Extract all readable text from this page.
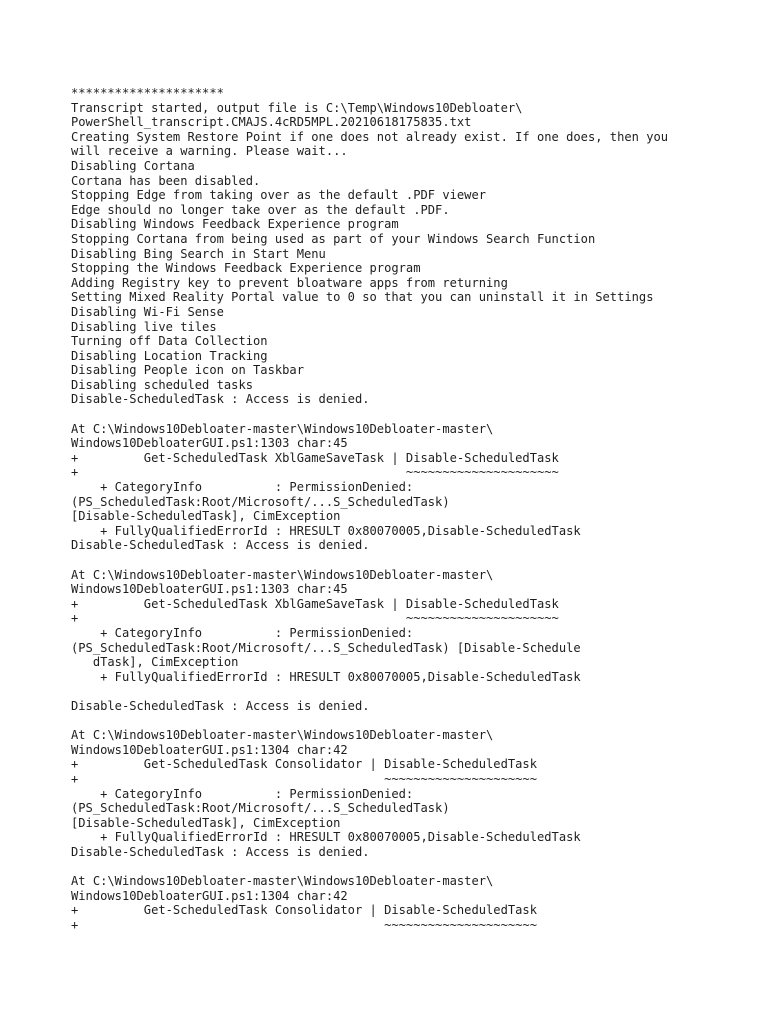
*********************
Transcript started, output file is C:\Temp\Windows10Debloater\
PowerShell_transcript.CMAJS.4cRD5MPL.20210618175835.txt
Creating System Restore Point if one does not already exist. If one does, then you
will receive a warning. Please wait...
Disabling Cortana
Cortana has been disabled.
Stopping Edge from taking over as the default .PDF viewer
Edge should no longer take over as the default .PDF.
Disabling Windows Feedback Experience program
Stopping Cortana from being used as part of your Windows Search Function
Disabling Bing Search in Start Menu
Stopping the Windows Feedback Experience program
Adding Registry key to prevent bloatware apps from returning
Setting Mixed Reality Portal value to 0 so that you can uninstall it in Settings
Disabling Wi-Fi Sense
Disabling live tiles
Turning off Data Collection
Disabling Location Tracking
Disabling People icon on Taskbar
Disabling scheduled tasks
Disable-ScheduledTask : Access is denied.
At C:\Windows10Debloater-master\Windows10Debloater-master\
Windows10DebloaterGUI.ps1:1303 char:45
+         Get-ScheduledTask XblGameSaveTask | Disable-ScheduledTask
+                                             ~~~~~~~~~~~~~~~~~~~~~
+ CategoryInfo          : PermissionDenied:
(PS_ScheduledTask:Root/Microsoft/...S_ScheduledTask)
[Disable-ScheduledTask], CimException
+ FullyQualifiedErrorId : HRESULT 0x80070005,Disable-ScheduledTask
Disable-ScheduledTask : Access is denied.
At C:\Windows10Debloater-master\Windows10Debloater-master\
Windows10DebloaterGUI.ps1:1303 char:45
+         Get-ScheduledTask XblGameSaveTask | Disable-ScheduledTask
+                                             ~~~~~~~~~~~~~~~~~~~~~
+ CategoryInfo          : PermissionDenied:
(PS_ScheduledTask:Root/Microsoft/...S_ScheduledTask) [Disable-Schedule
dTask], CimException
+ FullyQualifiedErrorId : HRESULT 0x80070005,Disable-ScheduledTask
Disable-ScheduledTask : Access is denied.
At C:\Windows10Debloater-master\Windows10Debloater-master\
Windows10DebloaterGUI.ps1:1304 char:42
+         Get-ScheduledTask Consolidator | Disable-ScheduledTask
+                                          ~~~~~~~~~~~~~~~~~~~~~
+ CategoryInfo          : PermissionDenied:
(PS_ScheduledTask:Root/Microsoft/...S_ScheduledTask)
[Disable-ScheduledTask], CimException
+ FullyQualifiedErrorId : HRESULT 0x80070005,Disable-ScheduledTask
Disable-ScheduledTask : Access is denied.
At C:\Windows10Debloater-master\Windows10Debloater-master\
Windows10DebloaterGUI.ps1:1304 char:42
+         Get-ScheduledTask Consolidator | Disable-ScheduledTask
+                                          ~~~~~~~~~~~~~~~~~~~~~
